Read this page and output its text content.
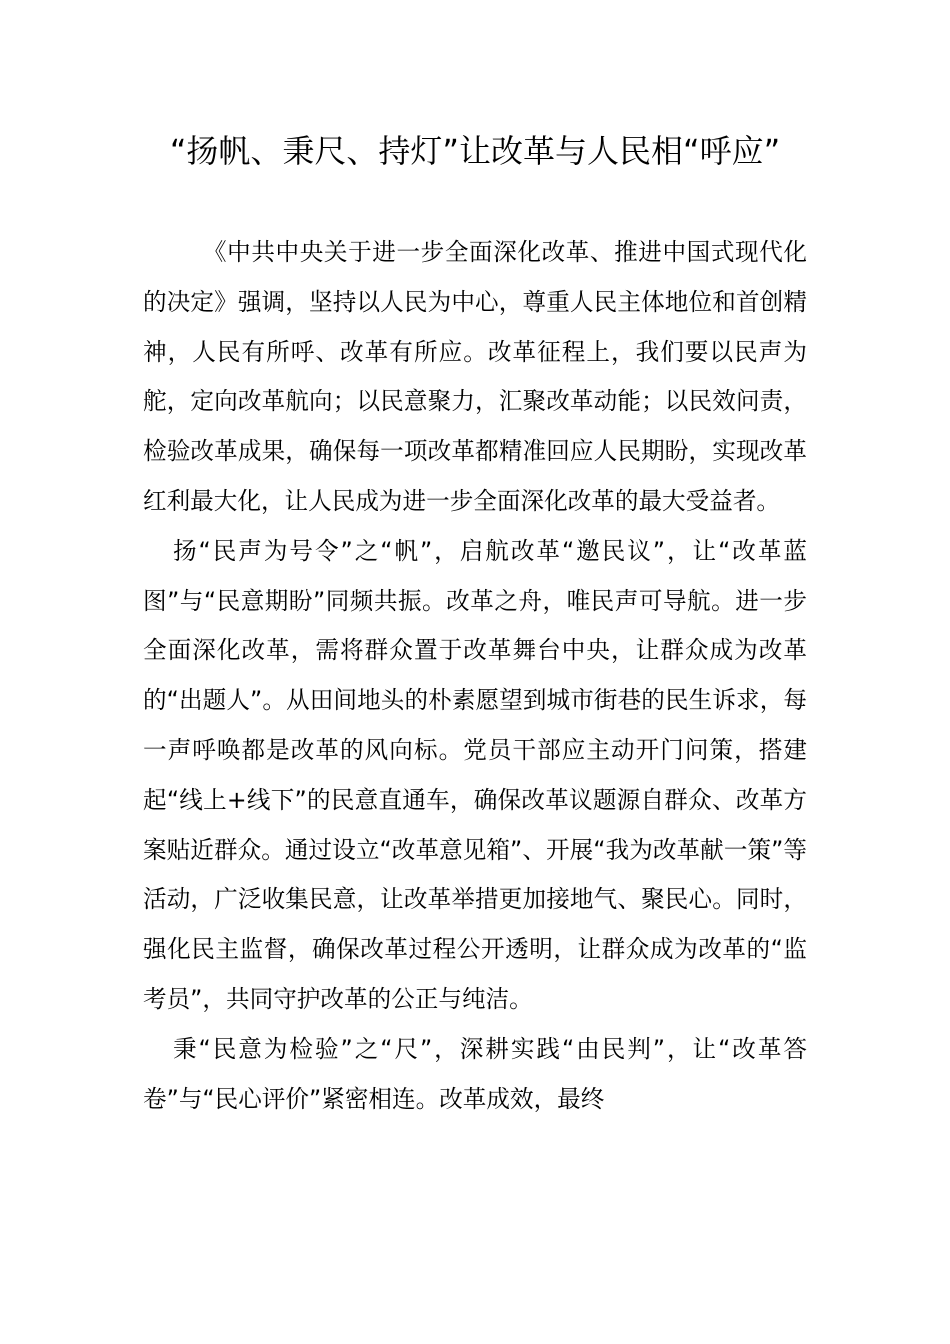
“扬帆、秉尺、持灯”让改革与人民相“呼应”

《中共中央关于进一步全面深化改革、推进中国式现代化的决定》强调，坚持以人民为中心，尊重人民主体地位和首创精神，人民有所呼、改革有所应。改革征程上，我们要以民声为舵，定向改革航向；以民意聚力，汇聚改革动能；以民效问责，检验改革成果，确保每一项改革都精准回应人民期盼，实现改革红利最大化，让人民成为进一步全面深化改革的最大受益者。

扬“民声为号令”之“帆”，启航改革“邀民议”，让“改革蓝图”与“民意期盼”同频共振。改革之舟，唯民声可导航。进一步全面深化改革，需将群众置于改革舞台中央，让群众成为改革的“出题人”。从田间地头的朴素愿望到城市街巷的民生诉求，每一声呼唤都是改革的风向标。党员干部应主动开门问策，搭建起“线上+线下”的民意直通车，确保改革议题源自群众、改革方案贴近群众。通过设立“改革意见箱”、开展“我为改革献一策”等活动，广泛收集民意，让改革举措更加接地气、聚民心。同时，强化民主监督，确保改革过程公开透明，让群众成为改革的“监考员”，共同守护改革的公正与纯洁。

秉“民意为检验”之“尺”，深耕实践“由民判”，让“改革答卷”与“民心评价”紧密相连。改革成效，最终
